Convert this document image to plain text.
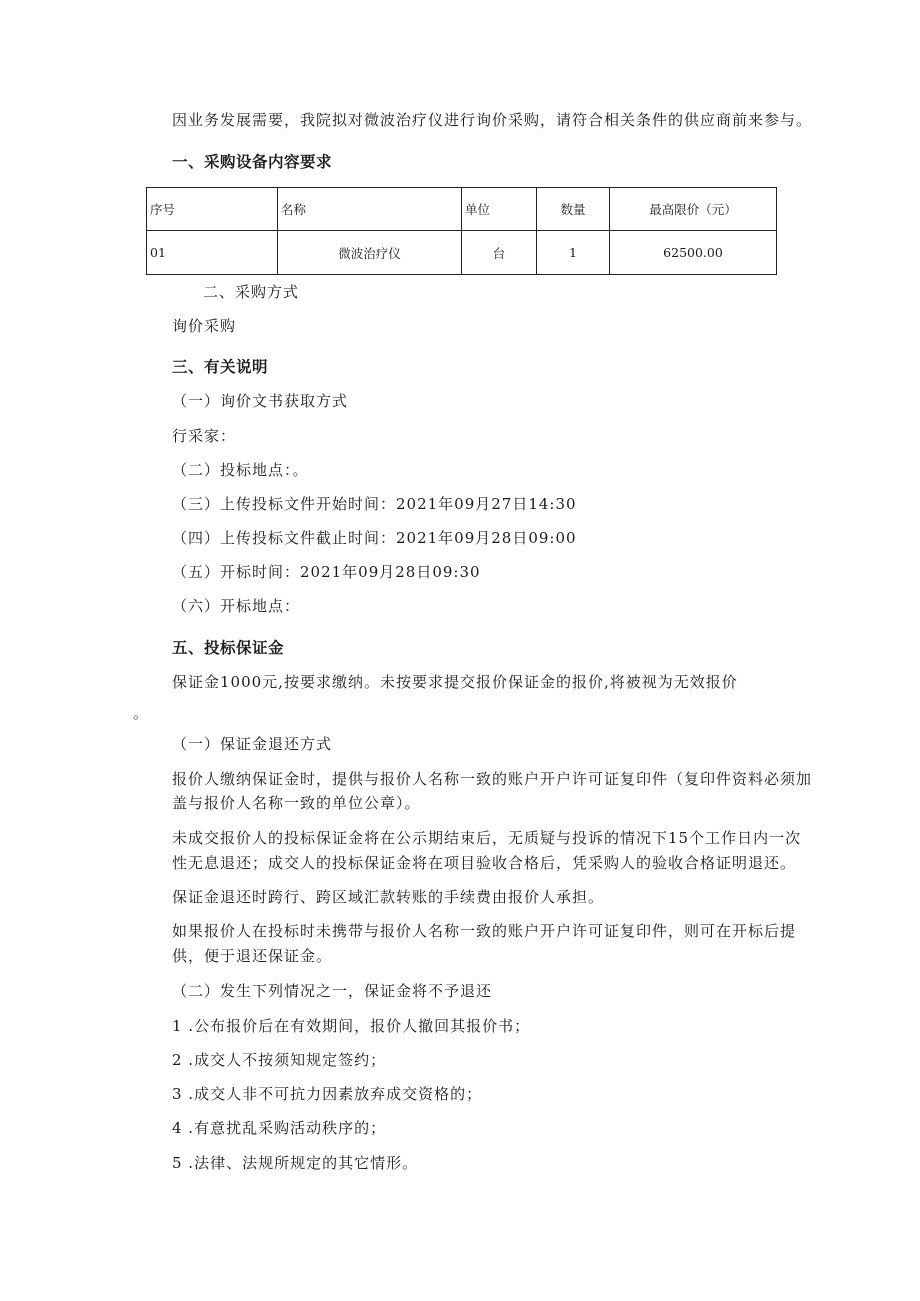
因业务发展需要，我院拟对微波治疗仪进行询价采购，请符合相关条件的供应商前来参与。
一、采购设备内容要求
序号	名称	单位	数量	最高限价（元）
01	微波治疗仪	台	1	62500.00
二、采购方式
询价采购
三、有关说明
（一）询价文书获取方式
行采家：
（二）投标地点：。
（三）上传投标文件开始时间：2021年09月27日14:30
（四）上传投标文件截止时间：2021年09月28日09:00
（五）开标时间：2021年09月28日09:30
（六）开标地点：
五、投标保证金
保证金1000元,按要求缴纳。未按要求提交报价保证金的报价,将被视为无效报价
。
（一）保证金退还方式
报价人缴纳保证金时，提供与报价人名称一致的账户开户许可证复印件（复印件资料必须加
盖与报价人名称一致的单位公章）。
未成交报价人的投标保证金将在公示期结束后，无质疑与投诉的情况下15个工作日内一次
性无息退还；成交人的投标保证金将在项目验收合格后，凭采购人的验收合格证明退还。
保证金退还时跨行、跨区域汇款转账的手续费由报价人承担。
如果报价人在投标时未携带与报价人名称一致的账户开户许可证复印件，则可在开标后提
供，便于退还保证金。
（二）发生下列情况之一，保证金将不予退还
1 .公布报价后在有效期间，报价人撤回其报价书；
2 .成交人不按须知规定签约；
3 .成交人非不可抗力因素放弃成交资格的；
4 .有意扰乱采购活动秩序的；
5 .法律、法规所规定的其它情形。
